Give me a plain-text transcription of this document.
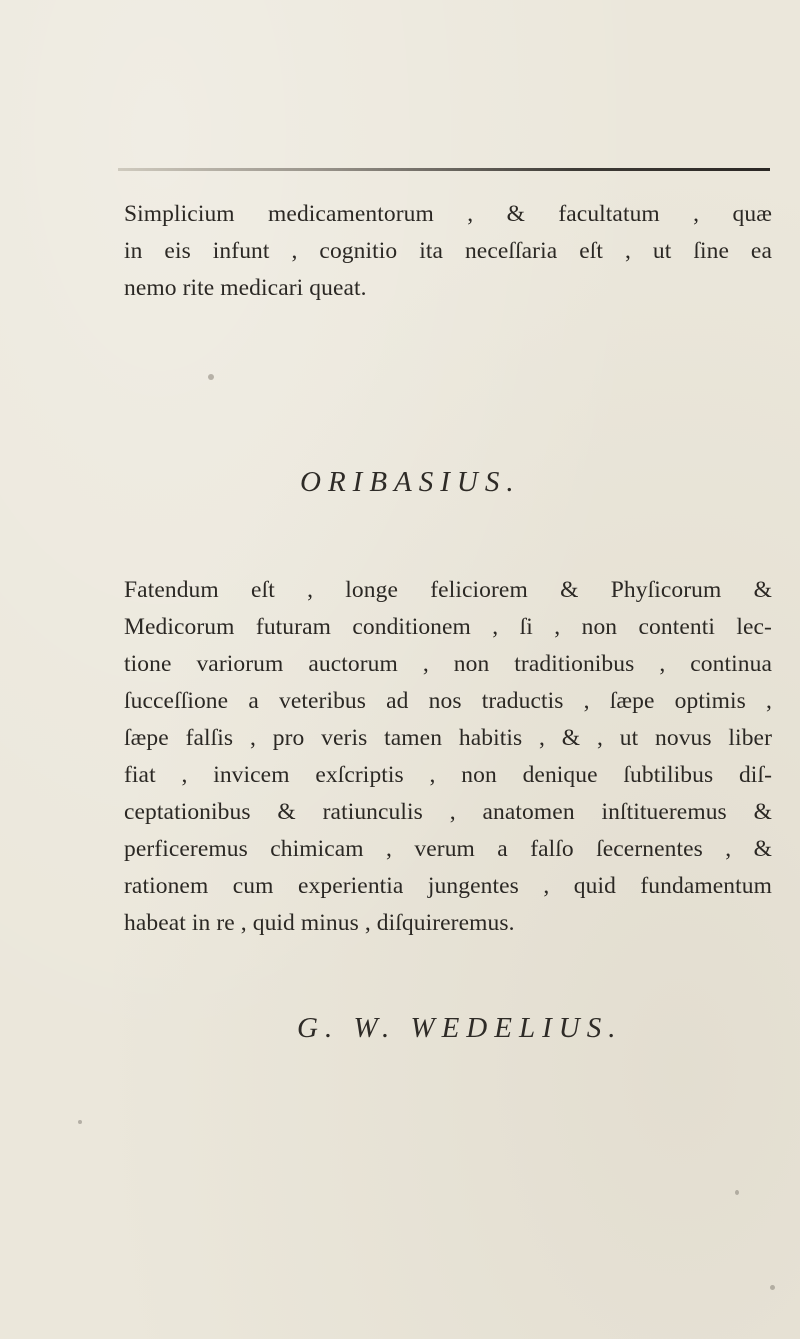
Simplicium medicamentorum , & facultatum , quæ
in eis infunt , cognitio ita neceſſaria eſt , ut ſine ea
nemo rite medicari queat.
ORIBASIUS.
Fatendum eſt , longe feliciorem & Phyſicorum &
Medicorum futuram conditionem , ſi , non contenti lec-
tione variorum auctorum , non traditionibus , continua
ſucceſſione a veteribus ad nos traductis , ſæpe optimis ,
ſæpe falſis , pro veris tamen habitis , & , ut novus liber
fiat , invicem exſcriptis , non denique ſubtilibus diſ-
ceptationibus & ratiunculis , anatomen inſtitueremus &
perficeremus chimicam , verum a falſo ſecernentes , &
rationem cum experientia jungentes , quid fundamentum
habeat in re , quid minus , diſquireremus.
G. W. WEDELIUS.
